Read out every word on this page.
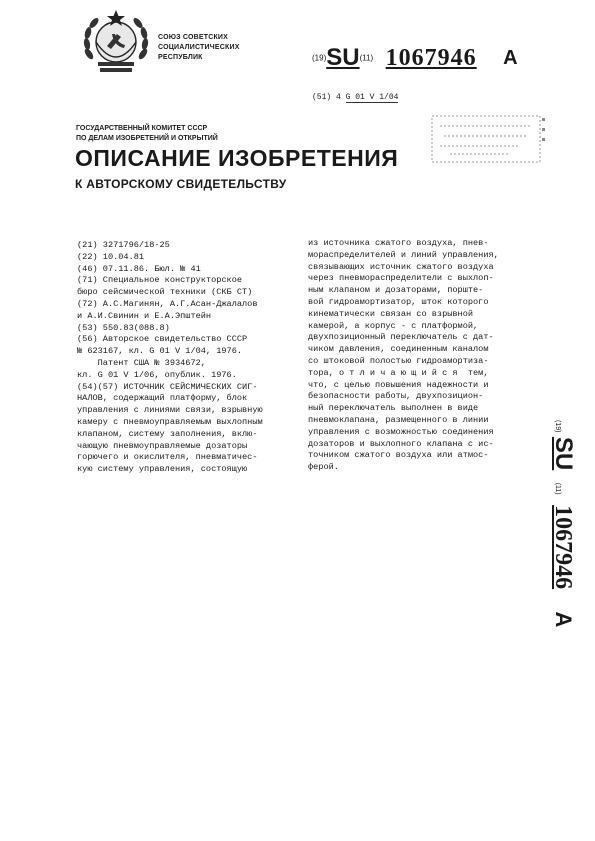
СОЮЗ СОВЕТСКИХ
СОЦИАЛИСТИЧЕСКИХ
РЕСПУБЛИК	(19)SU(11) 1067946 A
(51) 4 G 01 V 1/04
ГОСУДАРСТВЕННЫЙ КОМИТЕТ СССР
ПО ДЕЛАМ ИЗОБРЕТЕНИЙ И ОТКРЫТИЙ
ОПИСАНИЕ ИЗОБРЕТЕНИЯ
К АВТОРСКОМУ СВИДЕТЕЛЬСТВУ
(21) 3271796/18-25
(22) 10.04.81
(46) 07.11.86. Бюл. № 41
(71) Специальное конструкторское
бюро сейсмической техники (СКБ СТ)
(72) А.С.Магинян, А.Г.Асан-Джалалов
и А.И.Свинин и Е.А.Эпштейн
(53) 550.83(088.8)
(56) Авторское свидетельство СССР
№ 623167, кл. G 01 V 1/04, 1976.
Патент США № 3934672,
кл. G 01 V 1/06, опублик. 1976.
(54)(57) ИСТОЧНИК СЕЙСМИЧЕСКИХ СИГ-
НАЛОВ, содержащий платформу, блок
управления с линиями связи, взрывную
камеру с пневмоуправляемым выхлопным
клапаном, систему заполнения, вклю-
чающую пневмоуправляемые дозаторы
горючего и окислителя, пневматичес-
кую систему управления, состоящую
из источника сжатого воздуха, пнев-
мораспределителей и линий управления,
связывающих источник сжатого воздуха
через пневмораспределители с выхлоп-
ным клапаном и дозаторами, порште-
вой гидроамортизатор, шток которого
кинематически связан со взрывной
камерой, а корпус - с платформой,
двухпозиционный переключатель с дат-
чиком давления, соединенным каналом
со штоковой полостью гидроамортиза-
тора, о т л и ч а ю щ и й с я  тем,
что, с целью повышения надежности и
безопасности работы, двухпозицион-
ный переключатель выполнен в виде
пневмоклапана, размещенного в линии
управления с возможностью соединения
дозаторов и выхлопного клапана с ис-
точником сжатого воздуха или атмос-
ферой.
(19) SU (11) 1067946 A
